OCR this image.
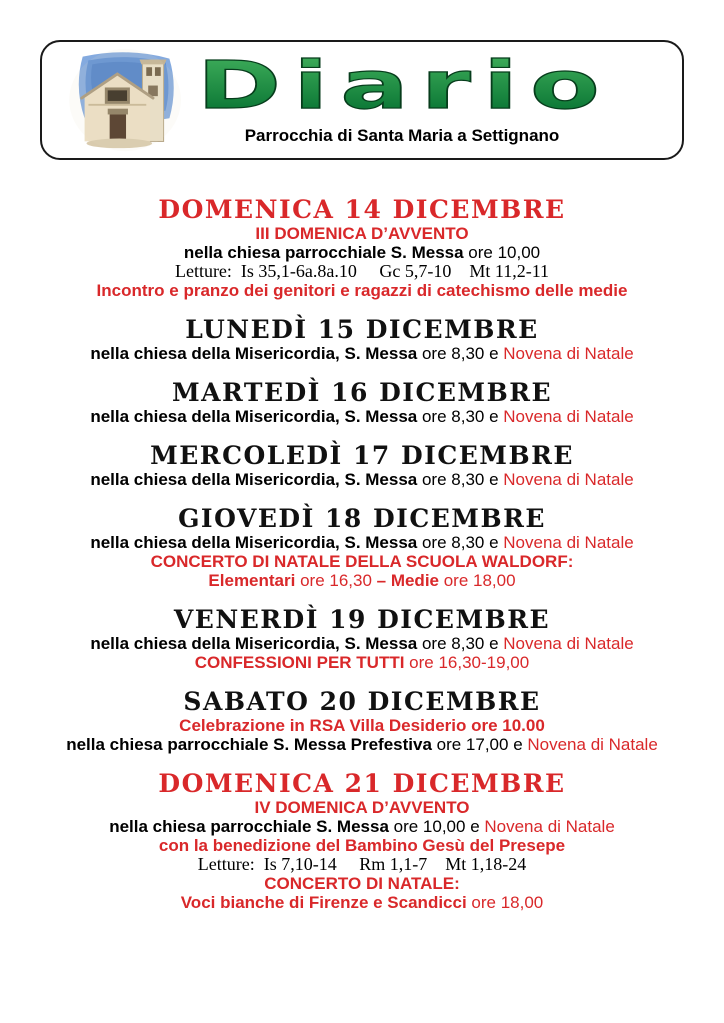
Diario
Parrocchia di Santa Maria a Settignano
DOMENICA 14 DICEMBRE

III DOMENICA D’AVVENTO

nella chiesa parrocchiale S. Messa ore 10,00

Letture:  Is 35,1-6a.8a.10     Gc 5,7-10    Mt 11,2-11

Incontro e pranzo dei genitori e ragazzi di catechismo delle medie

LUNEDÌ 15 DICEMBRE

nella chiesa della Misericordia, S. Messa ore 8,30 e Novena di Natale

MARTEDÌ 16 DICEMBRE

nella chiesa della Misericordia, S. Messa ore 8,30 e Novena di Natale

MERCOLEDÌ 17 DICEMBRE

nella chiesa della Misericordia, S. Messa ore 8,30 e Novena di Natale

GIOVEDÌ 18 DICEMBRE

nella chiesa della Misericordia, S. Messa ore 8,30 e Novena di Natale

CONCERTO DI NATALE DELLA SCUOLA WALDORF:

Elementari ore 16,30 – Medie ore 18,00

VENERDÌ 19 DICEMBRE

nella chiesa della Misericordia, S. Messa ore 8,30 e Novena di Natale

CONFESSIONI PER TUTTI ore 16,30-19,00

SABATO 20 DICEMBRE

Celebrazione in RSA Villa Desiderio ore 10.00

nella chiesa parrocchiale S. Messa Prefestiva ore 17,00 e Novena di Natale

DOMENICA 21 DICEMBRE

IV DOMENICA D’AVVENTO

nella chiesa parrocchiale S. Messa ore 10,00 e Novena di Natale

con la benedizione del Bambino Gesù del Presepe

Letture:  Is 7,10-14     Rm 1,1-7    Mt 1,18-24

CONCERTO DI NATALE:

Voci bianche di Firenze e Scandicci ore 18,00
